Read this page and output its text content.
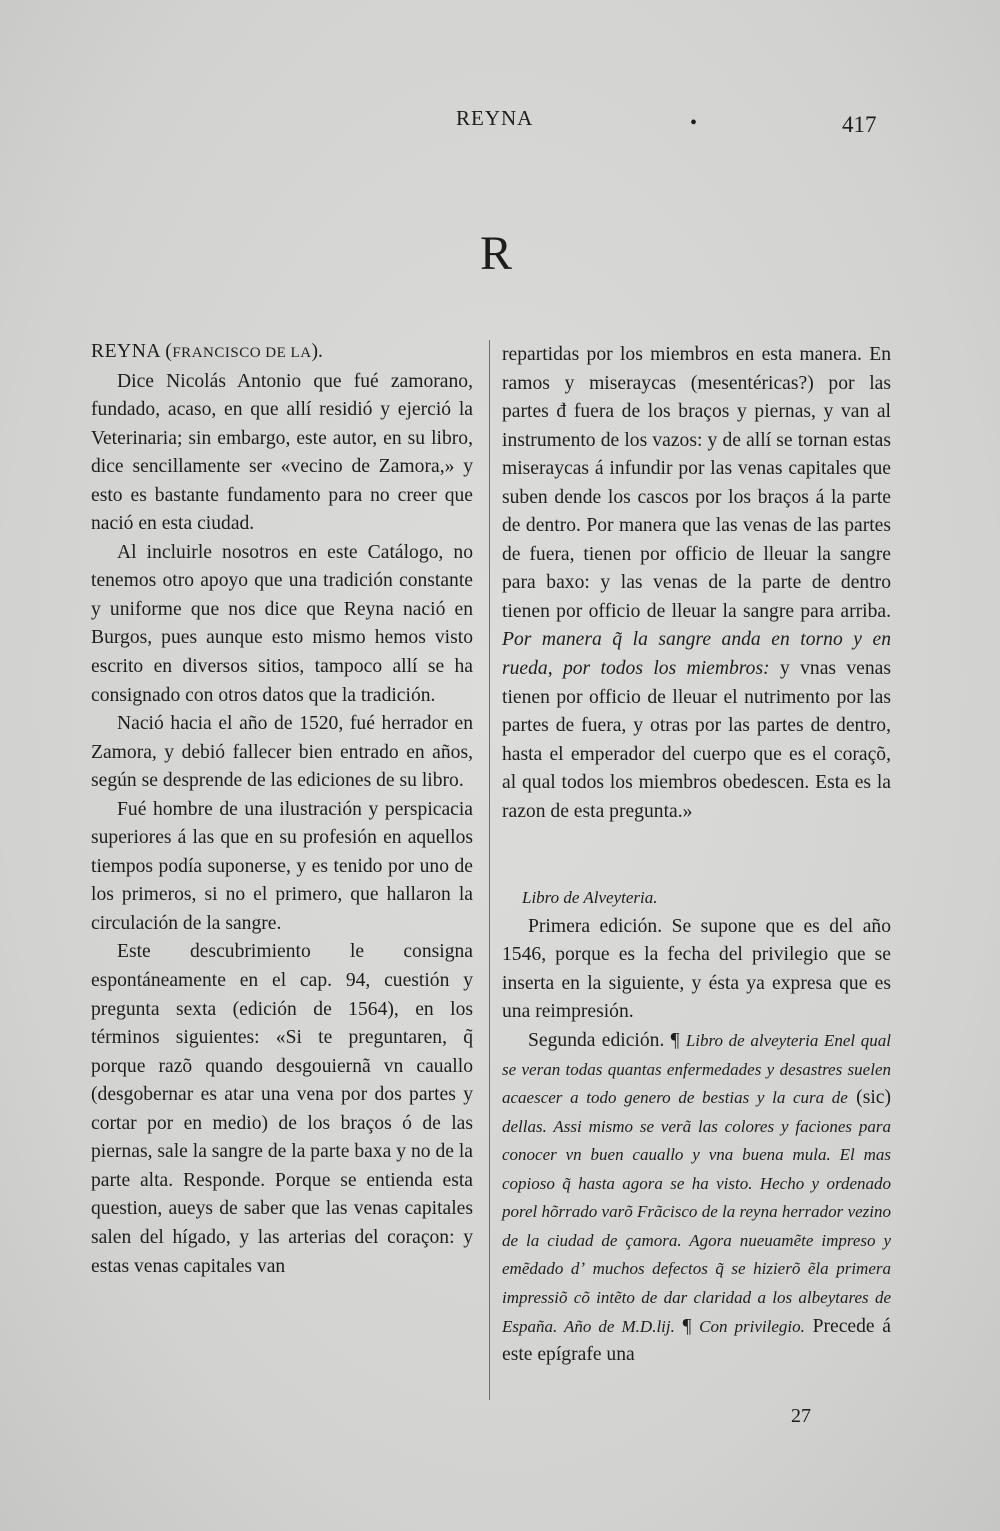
REYNA	•	417
R

REYNA (FRANCISCO DE LA).

Dice Nicolás Antonio que fué zamorano, fundado, acaso, en que allí residió y ejerció la Veterinaria; sin embargo, este autor, en su libro, dice sencillamente ser «vecino de Zamora,» y esto es bastante fundamento para no creer que nació en esta ciudad.

Al incluirle nosotros en este Catálogo, no tenemos otro apoyo que una tradición constante y uniforme que nos dice que Reyna nació en Burgos, pues aunque esto mismo hemos visto escrito en diversos sitios, tampoco allí se ha consignado con otros datos que la tradición.

Nació hacia el año de 1520, fué herrador en Zamora, y debió fallecer bien entrado en años, según se desprende de las ediciones de su libro.

Fué hombre de una ilustración y perspicacia superiores á las que en su profesión en aquellos tiempos podía suponerse, y es tenido por uno de los primeros, si no el primero, que hallaron la circulación de la sangre.

Este descubrimiento le consigna espontáneamente en el cap. 94, cuestión y pregunta sexta (edición de 1564), en los términos siguientes: «Si te preguntaren, q̃ porque razõ quando desgouiernã vn cauallo (desgobernar es atar una vena por dos partes y cortar por en medio) de los braços ó de las piernas, sale la sangre de la parte baxa y no de la parte alta. Responde. Porque se entienda esta question, aueys de saber que las venas capitales salen del hígado, y las arterias del coraçon: y estas venas capitales van

repartidas por los miembros en esta manera. En ramos y miseraycas (mesentéricas?) por las partes đ fuera de los braços y piernas, y van al instrumento de los vazos: y de allí se tornan estas miseraycas á infundir por las venas capitales que suben dende los cascos por los braços á la parte de dentro. Por manera que las venas de las partes de fuera, tienen por officio de lleuar la sangre para baxo: y las venas de la parte de dentro tienen por officio de lleuar la sangre para arriba. Por manera q̃ la sangre anda en torno y en rueda, por todos los miembros: y vnas venas tienen por officio de lleuar el nutrimento por las partes de fuera, y otras por las partes de dentro, hasta el emperador del cuerpo que es el coraçõ, al qual todos los miembros obedescen. Esta es la razon de esta pregunta.»

Libro de Alveyteria.

Primera edición. Se supone que es del año 1546, porque es la fecha del privilegio que se inserta en la siguiente, y ésta ya expresa que es una reimpresión.

Segunda edición. ¶ Libro de alveyteria Enel qual se veran todas quantas enfermedades y desastres suelen acaescer a todo genero de bestias y la cura de (sic) dellas. Assi mismo se verã las colores y faciones para conocer vn buen cauallo y vna buena mula. El mas copioso q̃ hasta agora se ha visto. Hecho y ordenado porel hõrrado varõ Frãcisco de la reyna herrador vezino de la ciudad de çamora. Agora nueuamẽte impreso y emẽdado dʼ muchos defectos q̃ se hizierõ ẽla primera impressiõ cõ intẽto de dar claridad a los albeytares de España. Año de M.D.lij. ¶ Con privilegio. Precede á este epígrafe una

27
